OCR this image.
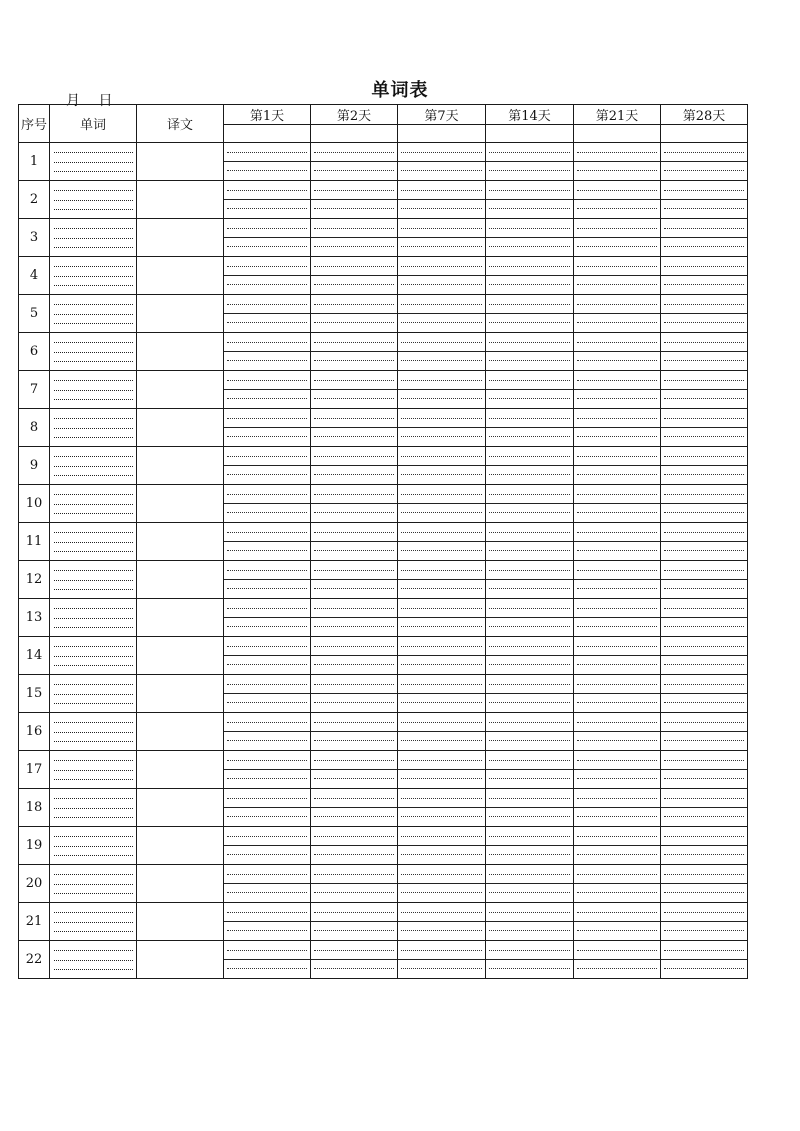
单词表
月 日
序号	单词	译文	第1天	第2天	第7天	第14天	第21天	第28天

1	

2	

3	

4	

5	

6	

7	

8	

9	

10	

11	

12	

13	

14	

15	

16	

17	

18	

19	

20	

21	

22	
